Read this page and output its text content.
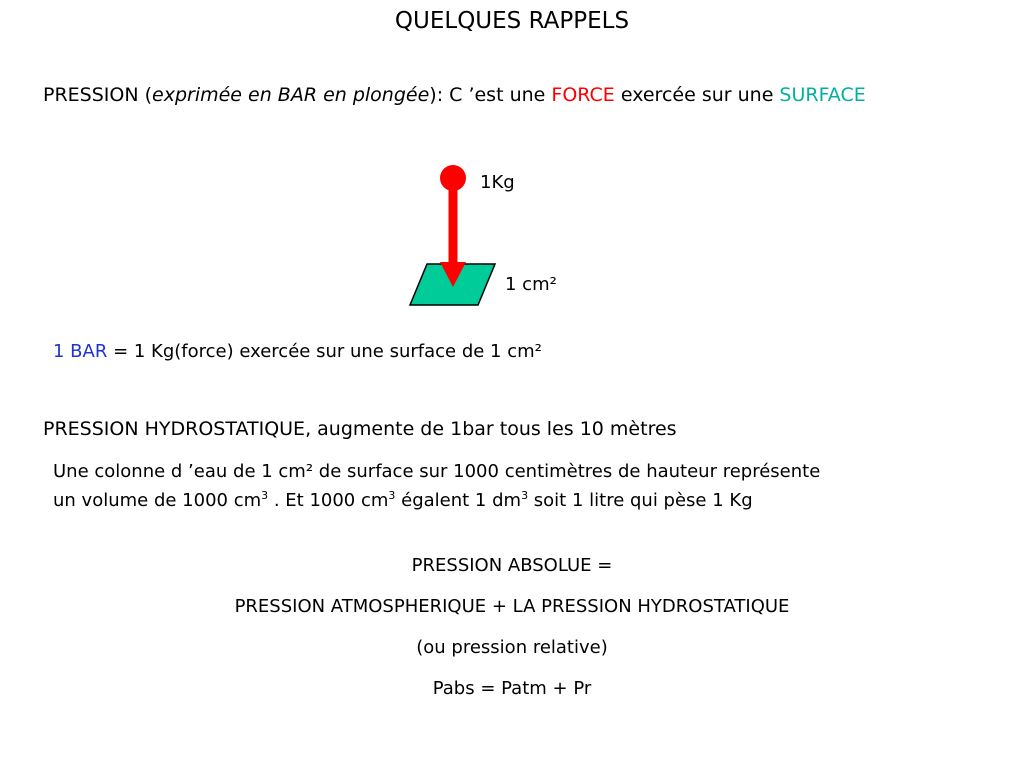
QUELQUES RAPPELS
PRESSION (exprimée en BAR en plongée): C ’est une FORCE exercée sur une SURFACE
1Kg
1 cm²
1 BAR = 1 Kg(force) exercée sur une surface de 1 cm²
PRESSION HYDROSTATIQUE, augmente de 1bar tous les 10 mètres
Une colonne d ’eau de 1 cm² de surface sur 1000 centimètres de hauteur représente
un volume de 1000 $cm^3$ . Et 1000 $cm^3$ égalent 1 $dm^3$ soit 1 litre qui pèse 1 Kg
PRESSION ABSOLUE =
PRESSION ATMOSPHERIQUE + LA PRESSION HYDROSTATIQUE
(ou pression relative)
Pabs = Patm + Pr
